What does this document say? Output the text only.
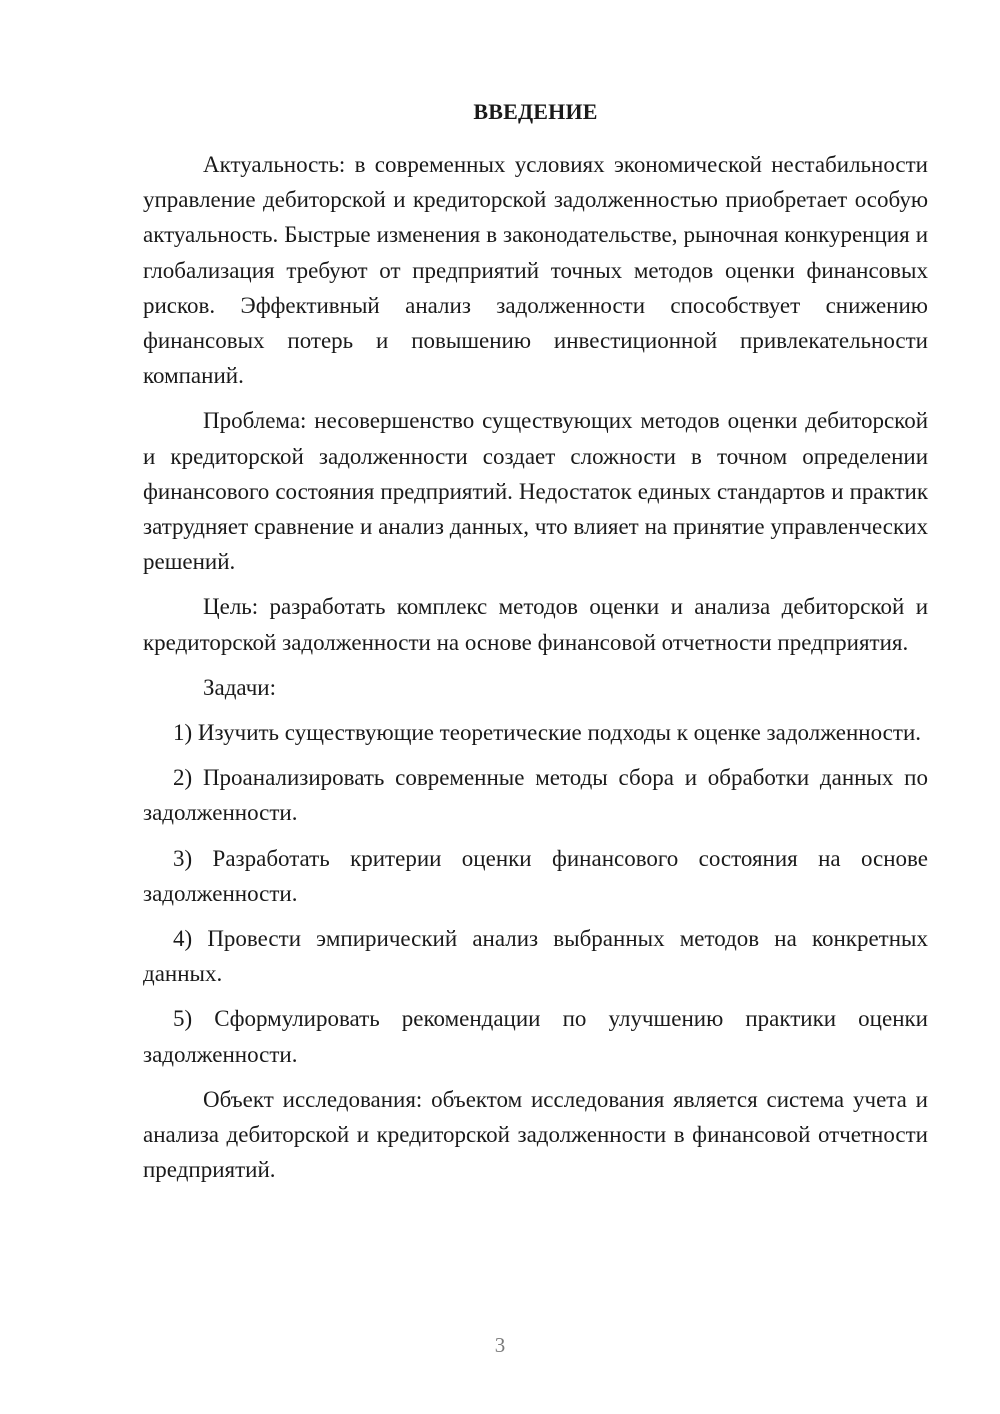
ВВЕДЕНИЕ

Актуальность: в современных условиях экономической нестабильности управление дебиторской и кредиторской задолженностью приобретает особую актуальность. Быстрые изменения в законодательстве, рыночная конкуренция и глобализация требуют от предприятий точных методов оценки финансовых рисков. Эффективный анализ задолженности способствует снижению финансовых потерь и повышению инвестиционной привлекательности компаний.

Проблема: несовершенство существующих методов оценки дебиторской и кредиторской задолженности создает сложности в точном определении финансового состояния предприятий. Недостаток единых стандартов и практик затрудняет сравнение и анализ данных, что влияет на принятие управленческих решений.

Цель: разработать комплекс методов оценки и анализа дебиторской и кредиторской задолженности на основе финансовой отчетности предприятия.

Задачи:

1) Изучить существующие теоретические подходы к оценке задолженности.

2) Проанализировать современные методы сбора и обработки данных по задолженности.

3) Разработать критерии оценки финансового состояния на основе задолженности.

4) Провести эмпирический анализ выбранных методов на конкретных данных.

5) Сформулировать рекомендации по улучшению практики оценки задолженности.

Объект исследования: объектом исследования является система учета и анализа дебиторской и кредиторской задолженности в финансовой отчетности предприятий.

3
